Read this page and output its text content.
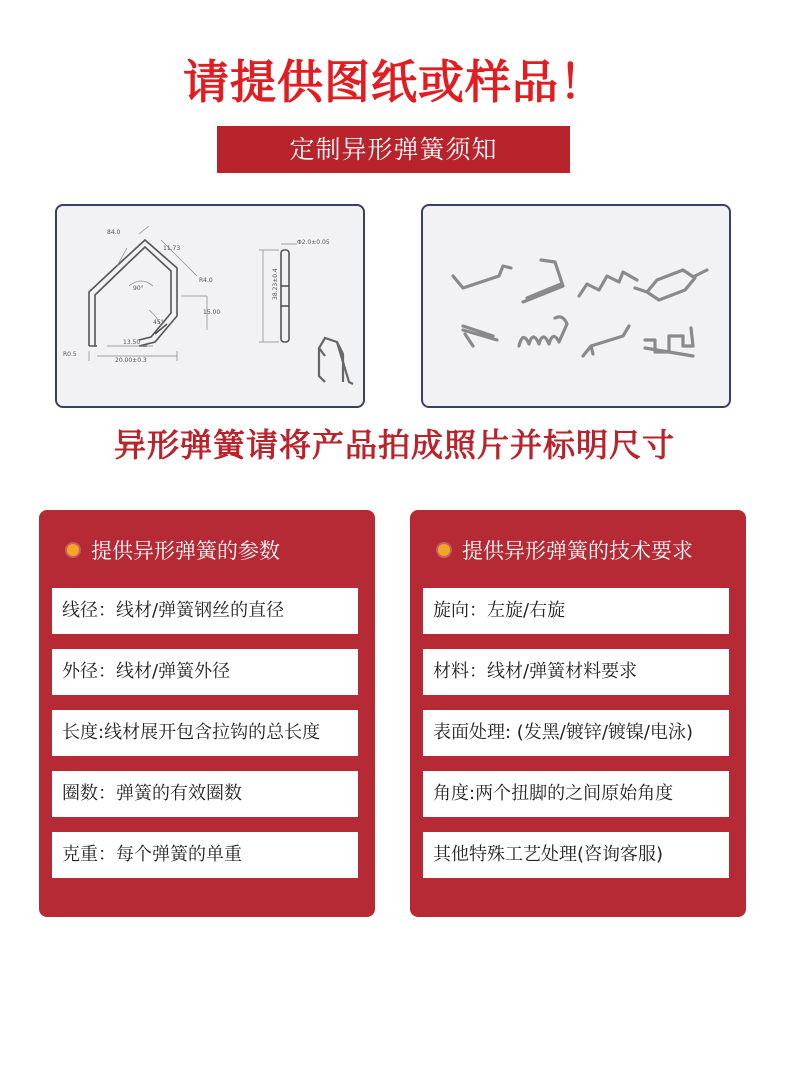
请提供图纸或样品！
定制异形弹簧须知
84.0
11.73
90°
R4.0
15.00
45°
R0.5
13.50
20.00±0.3
Φ2.0±0.05
38.23±0.4
异形弹簧请将产品拍成照片并标明尺寸
提供异形弹簧的参数
线径：线材/弹簧钢丝的直径
外径：线材/弹簧外径
长度:线材展开包含拉钩的总长度
圈数：弹簧的有效圈数
克重：每个弹簧的单重
提供异形弹簧的技术要求
旋向：左旋/右旋
材料：线材/弹簧材料要求
表面处理: (发黑/镀锌/镀镍/电泳)
角度:两个扭脚的之间原始角度
其他特殊工艺处理(咨询客服)
